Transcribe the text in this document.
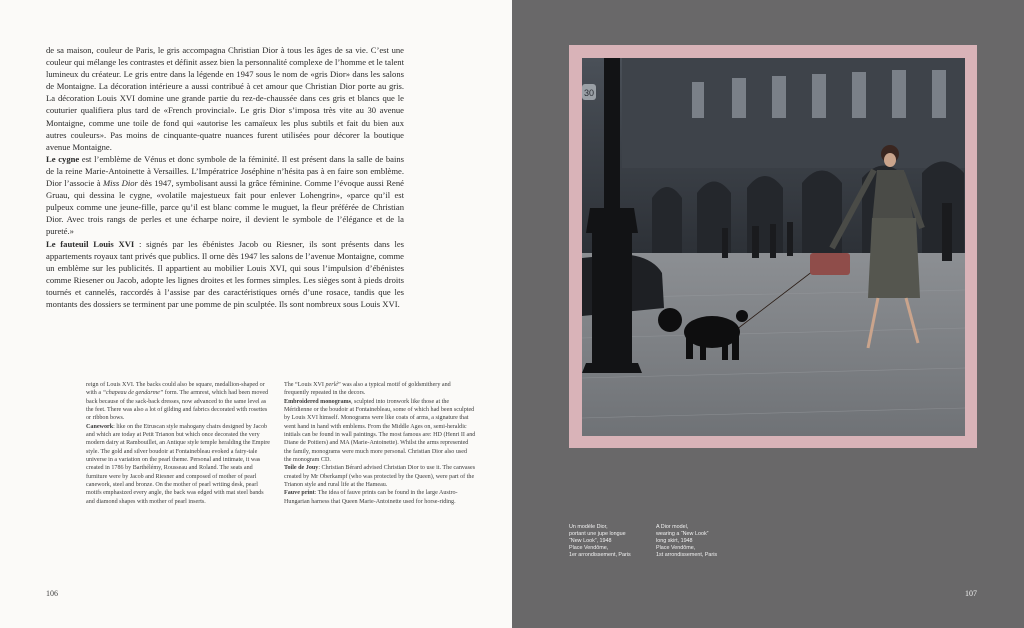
de sa maison, couleur de Paris, le gris accompagna Christian Dior à tous les âges de sa vie. C’est une couleur qui mélange les contrastes et définit assez bien la personnalité complexe de l’homme et le talent lumineux du créateur. Le gris entre dans la légende en 1947 sous le nom de «gris Dior» dans les salons de Montaigne. La décoration intérieure a aussi contribué à cet amour que Christian Dior porte au gris. La décoration Louis XVI domine une grande partie du rez-de-chaussée dans ces gris et blancs que le couturier qualifiera plus tard de «French provincial». Le gris Dior s’imposa très vite au 30 avenue Montaigne, comme une toile de fond qui «autorise les camaïeux les plus subtils et fait du bien aux autres couleurs». Pas moins de cinquante-quatre nuances furent utilisées pour décorer la boutique avenue Montaigne.

Le cygne est l’emblème de Vénus et donc symbole de la féminité. Il est présent dans la salle de bains de la reine Marie-Antoinette à Versailles. L’Impératrice Joséphine n’hésita pas à en faire son emblème. Dior l’associe à Miss Dior dès 1947, symbolisant aussi la grâce féminine. Comme l’évoque aussi René Gruau, qui dessina le cygne, «volatile majestueux fait pour enlever Lohengrin», «parce qu’il est pulpeux comme une jeune-fille, parce qu’il est blanc comme le muguet, la fleur préférée de Christian Dior. Avec trois rangs de perles et une écharpe noire, il devient le symbole de l’élégance et de la pureté.»

Le fauteuil Louis XVI : signés par les ébénistes Jacob ou Riesner, ils sont présents dans les appartements royaux tant privés que publics. Il orne dès 1947 les salons de l’avenue Montaigne, comme un emblème sur les publicités. Il appartient au mobilier Louis XVI, qui sous l’impulsion d’ébénistes comme Riesener ou Jacob, adopte les lignes droites et les formes simples. Les sièges sont à pieds droits tournés et cannelés, raccordés à l’assise par des caractéristiques ornés d’une rosace, tandis que les montants des dossiers se terminent par une pomme de pin sculptée. Ils sont nombreux sous Louis XVI.

reign of Louis XVI. The backs could also be square, medallion-shaped or with a “chapeau de gendarme” form. The armrest, which had been moved back because of the sack-back dresses, now advanced to the same level as the feet. There was also a lot of gilding and fabrics decorated with rosettes or ribbon bows.

Canework: like on the Etruscan style mahogany chairs designed by Jacob and which are today at Petit Trianon but which once decorated the very modern dairy at Rambouillet, an Antique style temple heralding the Empire style. The gold and silver boudoir at Fontainebleau evoked a fairy-tale universe in a variation on the pearl theme. Personal and intimate, it was created in 1786 by Barthélémy, Rousseau and Roland. The seats and furniture were by Jacob and Riesner and composed of mother of pearl canework, steel and bronze. On the mother of pearl writing desk, pearl motifs emphasized every angle, the back was edged with mat steel bands and diamond shapes with mother of pearl inserts.

The “Louis XVI perlé” was also a typical motif of goldsmithery and frequently repeated in the decors.

Embroidered monograms, sculpted into ironwork like those at the Méridienne or the boudoir at Fontainebleau, some of which had been sculpted by Louis XVI himself. Monograms were like coats of arms, a signature that went hand in hand with emblems. From the Middle Ages on, semi-heraldic initials can be found in wall paintings. The most famous are: HD (Henri II and Diane de Poitiers) and MA (Marie-Antoinette). Whilst the arms represented the family, monograms were much more personal. Christian Dior also used the monogram CD.

Toile de Jouy: Christian Bérard advised Christian Dior to use it. The canvases created by Mr Oberkampf (who was protected by the Queen), were part of the Trianon style and rural life at the Hameau.

Fauve print: The idea of fauve prints can be found in the large Austro-Hungarian harness that Queen Marie-Antoinette used for horse-riding.

106
30

Un modèle Dior,

portant une jupe longue

“New Look”, 1948

Place Vendôme,

1er arrondissement, Paris

A Dior model,

wearing a “New Look”

long skirt, 1948

Place Vendôme,

1st arrondissement, Paris

107
